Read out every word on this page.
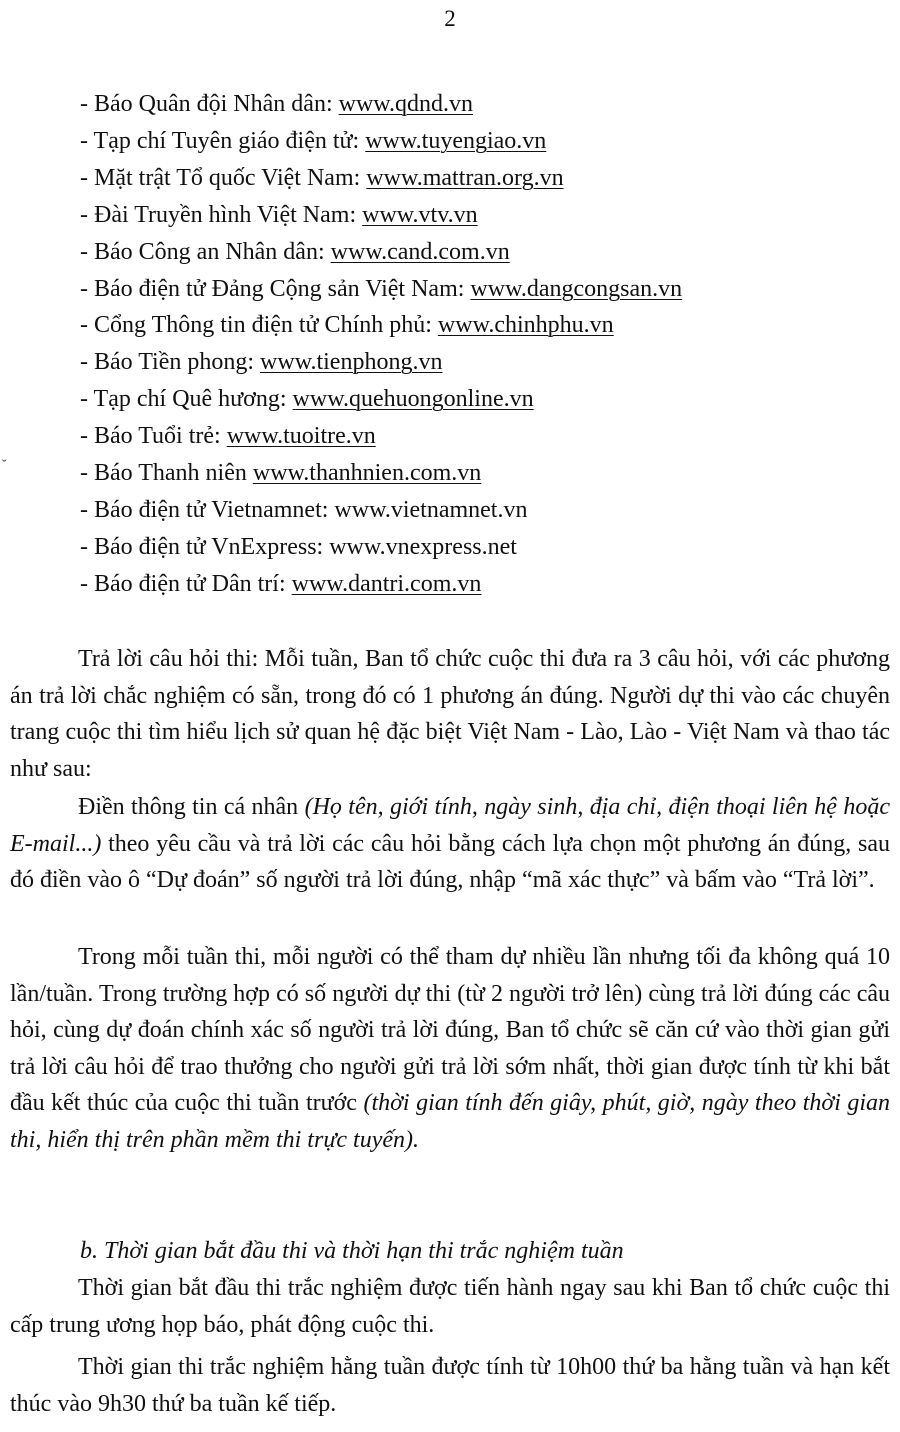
2
- Báo Quân đội Nhân dân: www.qdnd.vn
- Tạp chí Tuyên giáo điện tử: www.tuyengiao.vn
- Mặt trật Tổ quốc Việt Nam: www.mattran.org.vn
- Đài Truyền hình Việt Nam: www.vtv.vn
- Báo Công an Nhân dân: www.cand.com.vn
- Báo điện tử Đảng Cộng sản Việt Nam: www.dangcongsan.vn
- Cổng Thông tin điện tử Chính phủ: www.chinhphu.vn
- Báo Tiền phong: www.tienphong.vn
- Tạp chí Quê hương: www.quehuongonline.vn
- Báo Tuổi trẻ: www.tuoitre.vn
- Báo Thanh niên www.thanhnien.com.vn
- Báo điện tử Vietnamnet: www.vietnamnet.vn
- Báo điện tử VnExpress: www.vnexpress.net
- Báo điện tử Dân trí: www.dantri.com.vn
˘

Trả lời câu hỏi thi: Mỗi tuần, Ban tổ chức cuộc thi đưa ra 3 câu hỏi, với các phương án trả lời chắc nghiệm có sẵn, trong đó có 1 phương án đúng. Người dự thi vào các chuyên trang cuộc thi tìm hiểu lịch sử quan hệ đặc biệt Việt Nam - Lào, Lào - Việt Nam và thao tác như sau:

Điền thông tin cá nhân (Họ tên, giới tính, ngày sinh, địa chỉ, điện thoại liên hệ hoặc E-mail...) theo yêu cầu và trả lời các câu hỏi bằng cách lựa chọn một phương án đúng, sau đó điền vào ô “Dự đoán” số người trả lời đúng, nhập “mã xác thực” và bấm vào “Trả lời”.

Trong mỗi tuần thi, mỗi người có thể tham dự nhiều lần nhưng tối đa không quá 10 lần/tuần. Trong trường hợp có số người dự thi (từ 2 người trở lên) cùng trả lời đúng các câu hỏi, cùng dự đoán chính xác số người trả lời đúng, Ban tổ chức sẽ căn cứ vào thời gian gửi trả lời câu hỏi để trao thưởng cho người gửi trả lời sớm nhất, thời gian được tính từ khi bắt đầu kết thúc của cuộc thi tuần trước (thời gian tính đến giây, phút, giờ, ngày theo thời gian thi, hiển thị trên phần mềm thi trực tuyến).

b. Thời gian bắt đầu thi và thời hạn thi trắc nghiệm tuần

Thời gian bắt đầu thi trắc nghiệm được tiến hành ngay sau khi Ban tổ chức cuộc thi cấp trung ương họp báo, phát động cuộc thi.

Thời gian thi trắc nghiệm hằng tuần được tính từ 10h00 thứ ba hằng tuần và hạn kết thúc vào 9h30 thứ ba tuần kế tiếp.
